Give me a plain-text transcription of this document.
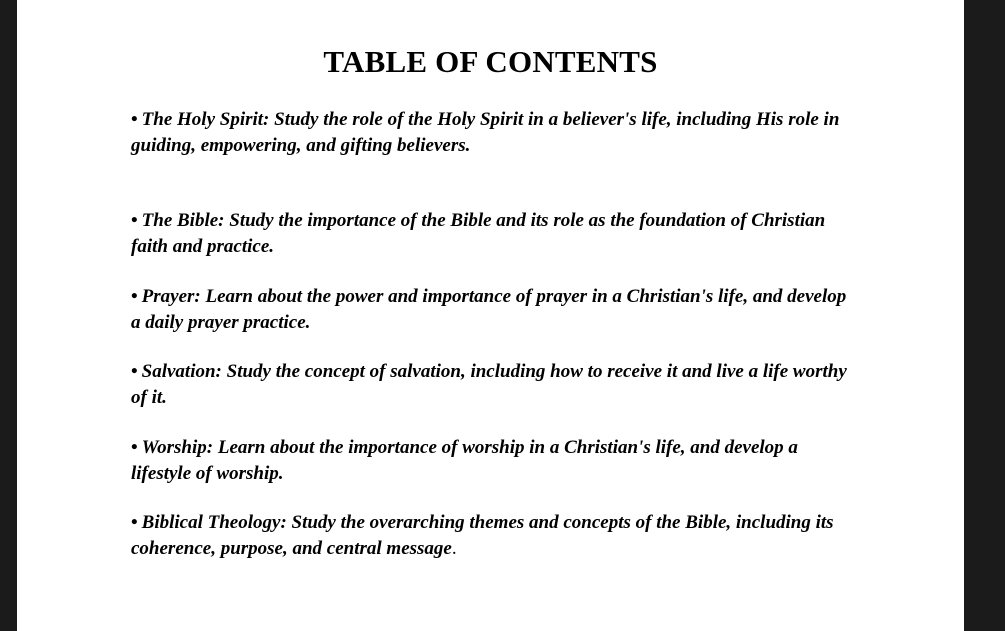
TABLE OF CONTENTS
• The Holy Spirit: Study the role of the Holy Spirit in a believer's life, including His role in guiding, empowering, and gifting believers.
• The Bible: Study the importance of the Bible and its role as the foundation of Christian faith and practice.
• Prayer: Learn about the power and importance of prayer in a Christian's life, and develop a daily prayer practice.
• Salvation: Study the concept of salvation, including how to receive it and live a life worthy of it.
• Worship: Learn about the importance of worship in a Christian's life, and develop a lifestyle of worship.
• Biblical Theology: Study the overarching themes and concepts of the Bible, including its coherence, purpose, and central message.
